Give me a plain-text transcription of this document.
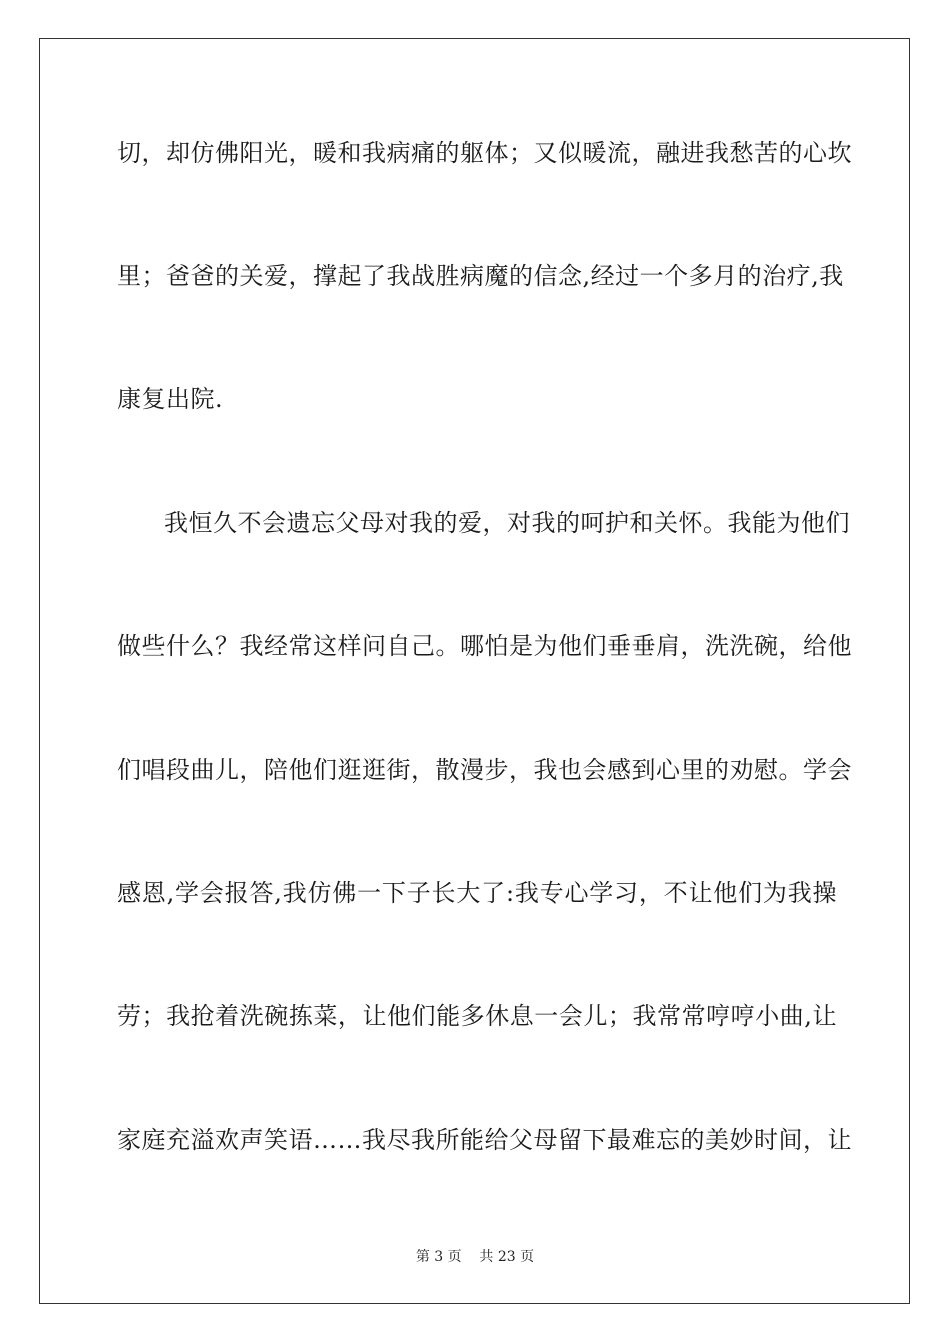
切，却仿佛阳光，暖和我病痛的躯体；又似暖流，融进我愁苦的心坎
里；爸爸的关爱，撑起了我战胜病魔的信念,经过一个多月的治疗,我
康复出院.
我恒久不会遗忘父母对我的爱，对我的呵护和关怀。我能为他们
做些什么？我经常这样问自己。哪怕是为他们垂垂肩，洗洗碗，给他
们唱段曲儿，陪他们逛逛街，散漫步，我也会感到心里的劝慰。学会
感恩,学会报答,我仿佛一下子长大了:我专心学习，不让他们为我操
劳；我抢着洗碗拣菜，让他们能多休息一会儿；我常常哼哼小曲,让
家庭充溢欢声笑语……我尽我所能给父母留下最难忘的美妙时间，让
第 3 页    共 23 页
